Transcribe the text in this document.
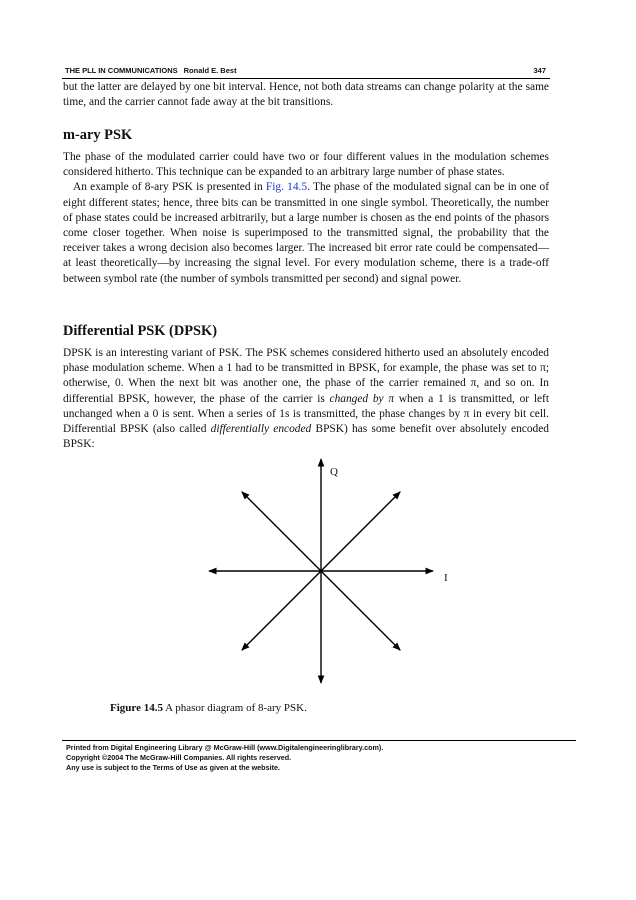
THE PLL IN COMMUNICATIONS Ronald E. Best	347

but the latter are delayed by one bit interval. Hence, not both data streams can change polarity at the same time, and the carrier cannot fade away at the bit transitions.

m-ary PSK

The phase of the modulated carrier could have two or four different values in the modulation schemes considered hitherto. This technique can be expanded to an arbitrary large number of phase states.

An example of 8-ary PSK is presented in Fig. 14.5. The phase of the modulated signal can be in one of eight different states; hence, three bits can be transmitted in one single symbol. Theoretically, the number of phase states could be increased arbitrarily, but a large number is chosen as the end points of the phasors come closer together. When noise is superimposed to the transmitted signal, the probability that the receiver takes a wrong decision also becomes larger. The increased bit error rate could be compensated—at least theoretically—by increasing the signal level. For every modulation scheme, there is a trade-off between symbol rate (the number of symbols transmitted per second) and signal power.

Differential PSK (DPSK)

DPSK is an interesting variant of PSK. The PSK schemes considered hitherto used an absolutely encoded phase modulation scheme. When a 1 had to be transmitted in BPSK, for example, the phase was set to π; otherwise, 0. When the next bit was another one, the phase of the carrier remained π, and so on. In differential BPSK, however, the phase of the carrier is changed by π when a 1 is transmitted, or left unchanged when a 0 is sent. When a series of 1s is transmitted, the phase changes by π in every bit cell. Differential BPSK (also called differentially encoded BPSK) has some benefit over absolutely encoded BPSK:

Q
I
Figure 14.5 A phasor diagram of 8-ary PSK.
Printed from Digital Engineering Library @ McGraw-Hill (www.Digitalengineeringlibrary.com).
Copyright ©2004 The McGraw-Hill Companies. All rights reserved.
Any use is subject to the Terms of Use as given at the website.
